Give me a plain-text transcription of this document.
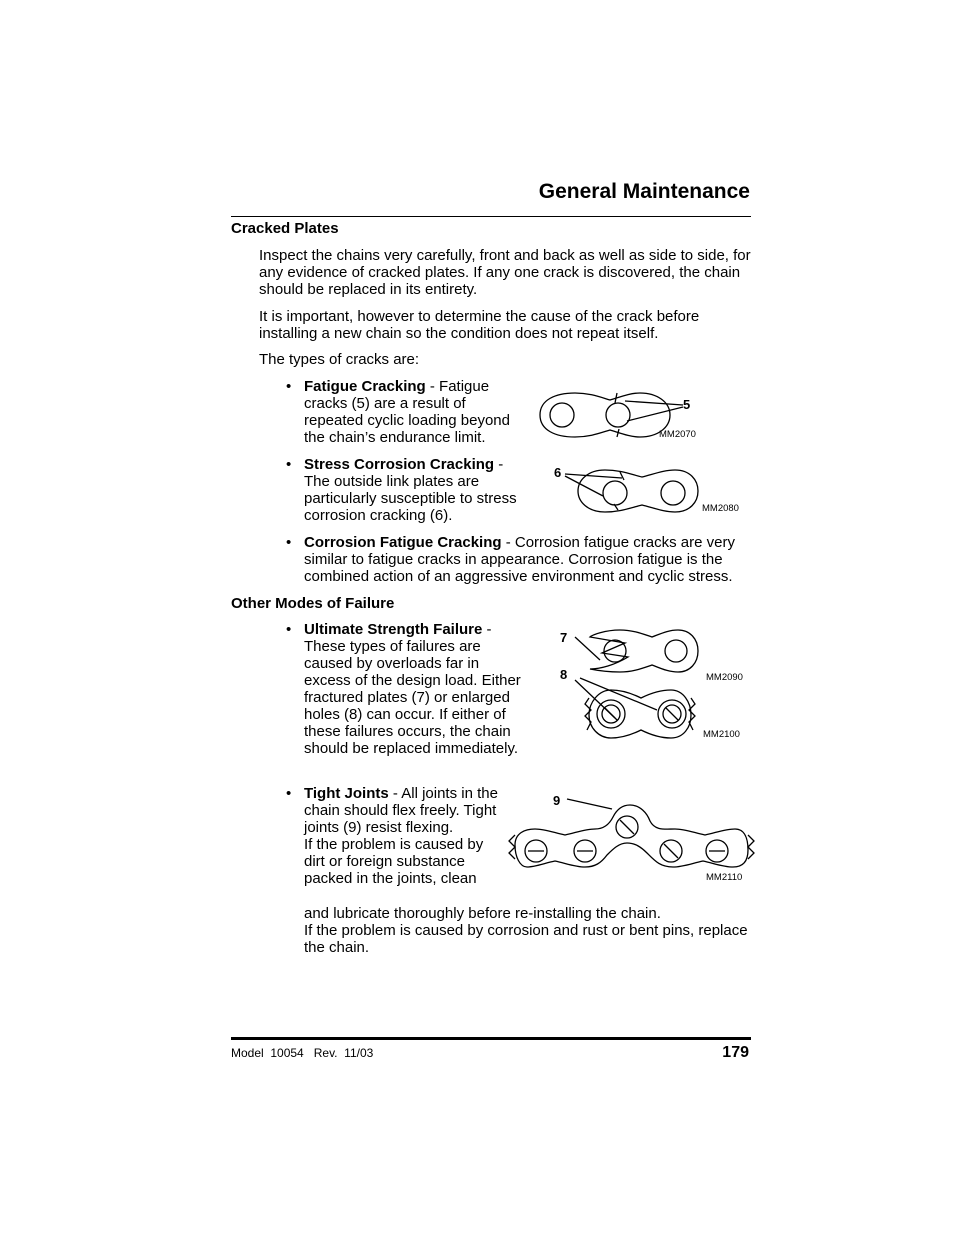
General Maintenance
Cracked Plates
Inspect the chains very carefully, front and back as well as side to side, for any evidence of cracked plates. If any one crack is discovered, the chain should be replaced in its entirety.
It is important, however to determine the cause of the crack before installing a new chain so the condition does not repeat itself.
The types of cracks are:
• Fatigue Cracking - Fatigue cracks (5) are a result of repeated cyclic loading beyond the chain’s endurance limit.
• Stress Corrosion Cracking - The outside link plates are particularly susceptible to stress corrosion cracking (6).
• Corrosion Fatigue Cracking - Corrosion fatigue cracks are very similar to fatigue cracks in appearance. Corrosion fatigue is the combined action of an aggressive environment and cyclic stress.
Other Modes of Failure
• Ultimate Strength Failure - These types of failures are caused by overloads far in excess of the design load. Either fractured plates (7) or enlarged holes (8) can occur. If either of these failures occurs, the chain should be replaced immediately.
• Tight Joints - All joints in the chain should flex freely. Tight joints (9) resist flexing.
If the problem is caused by dirt or foreign substance packed in the joints, clean
and lubricate thoroughly before re-installing the chain.
If the problem is caused by corrosion and rust or bent pins, replace the chain.
5
MM2070
6
MM2080
7
MM2090
8
MM2100
9
MM2110
Model  10054   Rev.  11/03	179
